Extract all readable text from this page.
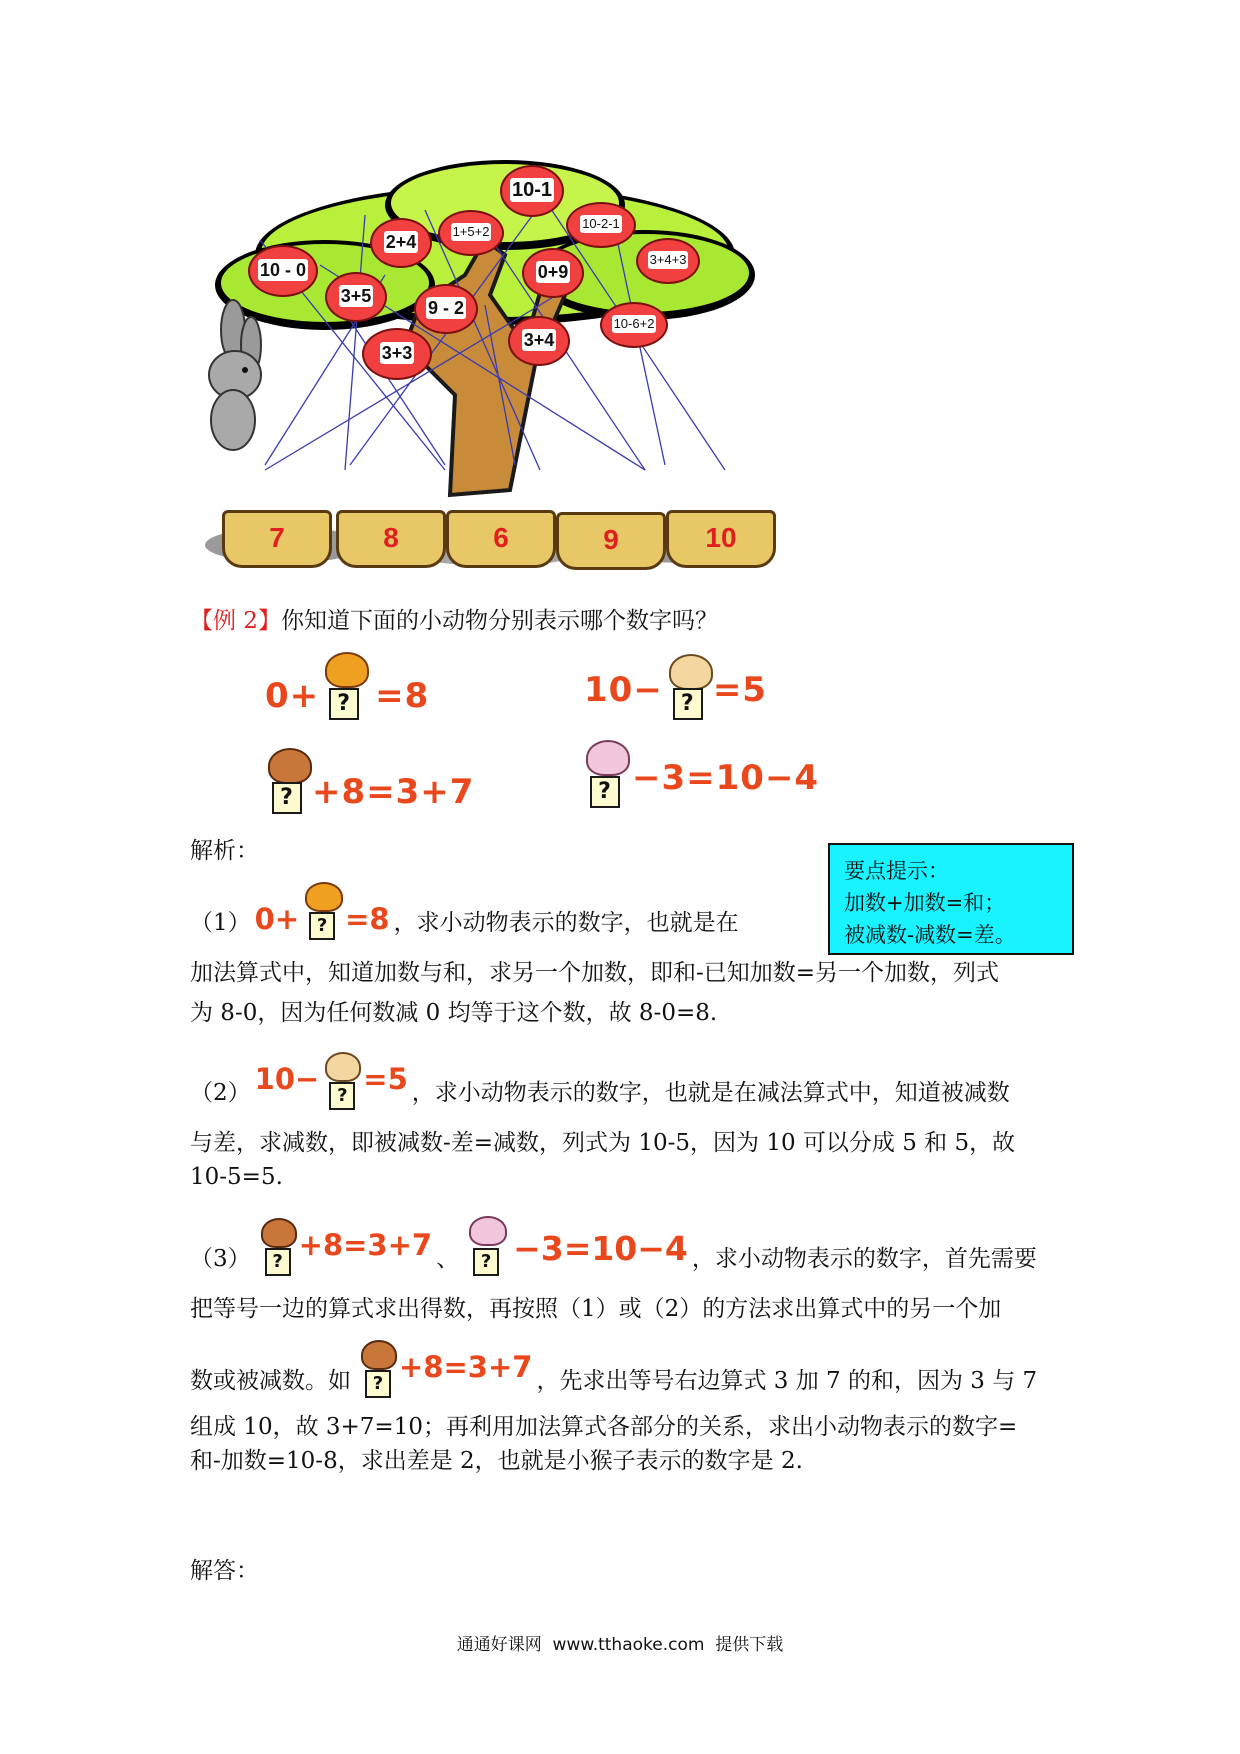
10-1
2+4
1+5+2
10-2-1
10 - 0	0+9
3+4+3
3+5
9 - 2
3+4
10-6+2
3+3
7	8	6	9	10
【例 2】你知道下面的小动物分别表示哪个数字吗？
0+ ? =8	10− ? =5
? +8=3+7	? −3=10−4
解析：
要点提示：
加数+加数=和；
被减数-减数=差。
（1） 0+ ? =8 ，求小动物表示的数字，也就是在
加法算式中，知道加数与和，求另一个加数，即和-已知加数=另一个加数，列式
为 8-0，因为任何数减 0 均等于这个数，故 8-0=8.
（2） 10− ? =5 ，求小动物表示的数字，也就是在减法算式中，知道被减数
与差，求减数，即被减数-差=减数，列式为 10-5，因为 10 可以分成 5 和 5，故
10-5=5.
（3）	? +8=3+7 、	? −3=10−4 ，求小动物表示的数字，首先需要
把等号一边的算式求出得数，再按照（1）或（2）的方法求出算式中的另一个加
数或被减数。如	? +8=3+7 ，先求出等号右边算式 3 加 7 的和，因为 3 与 7
组成 10，故 3+7=10；再利用加法算式各部分的关系，求出小动物表示的数字=
和-加数=10-8，求出差是 2，也就是小猴子表示的数字是 2.
解答：
通通好课网  www.tthaoke.com  提供下载
